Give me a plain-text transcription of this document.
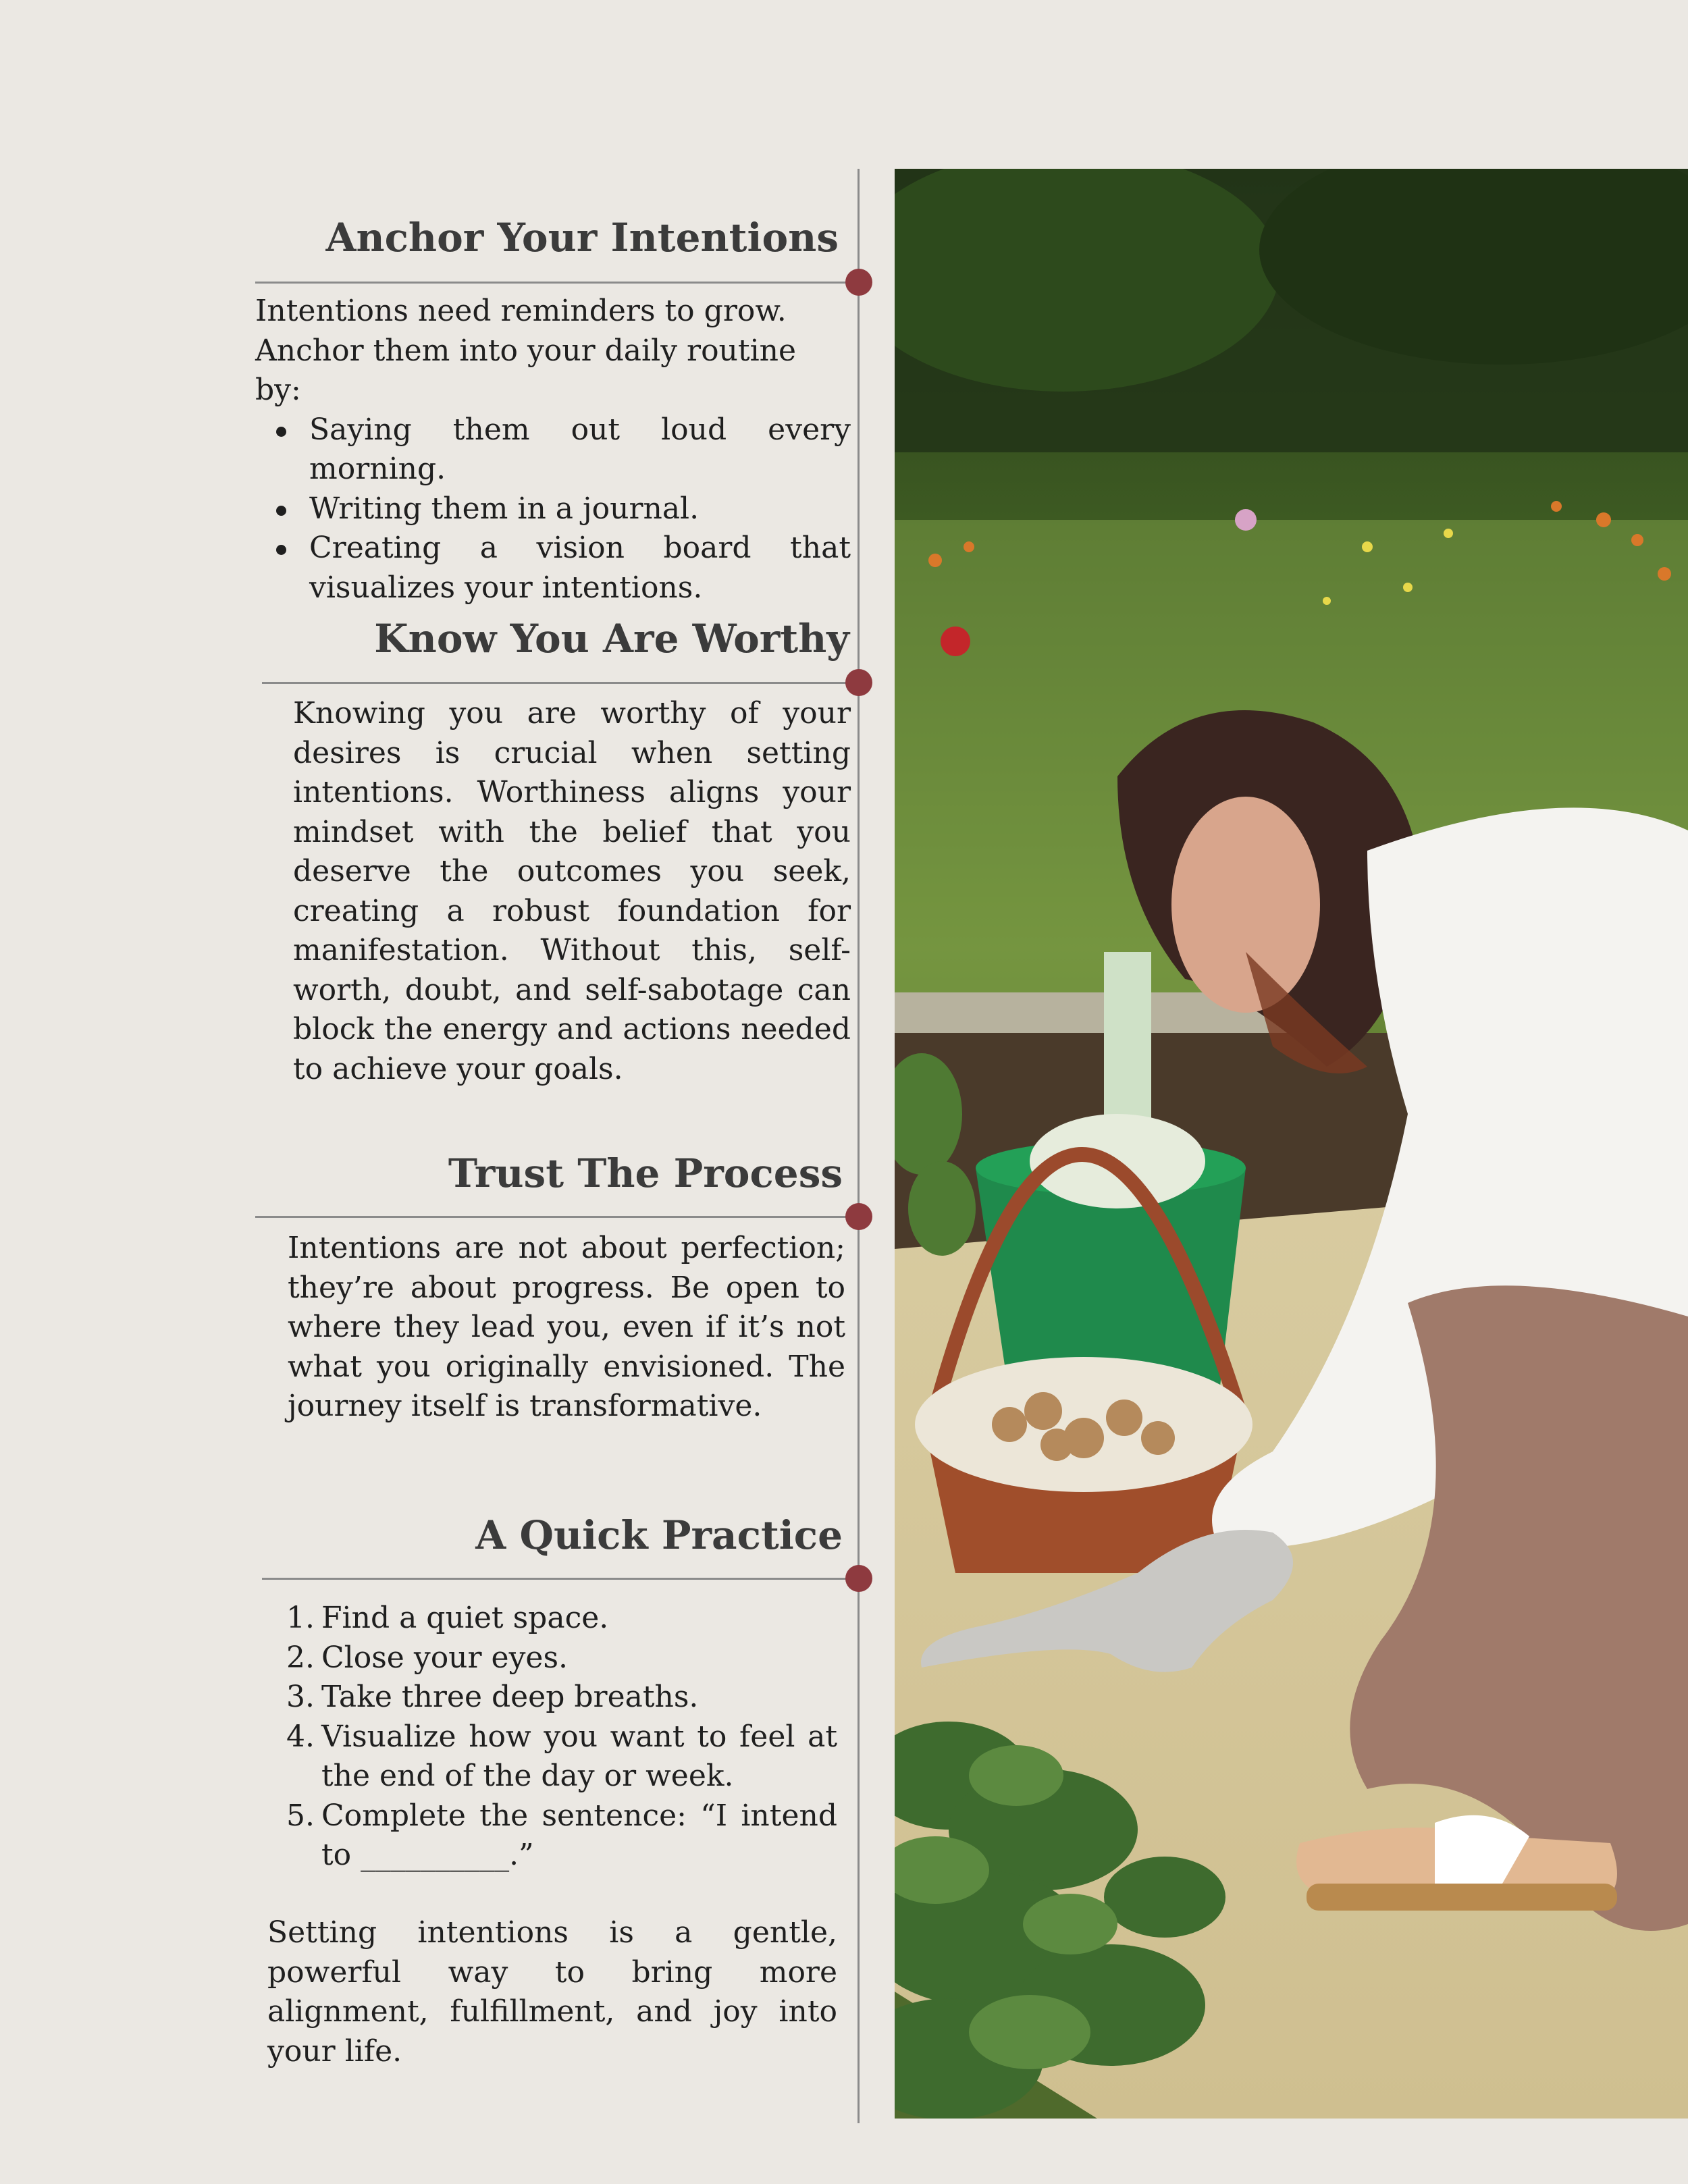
Anchor Your Intentions
Intentions need reminders to grow.
Anchor them into your daily routine by:
Saying them out loud every morning.
Writing them in a journal.
Creating a vision board that visualizes your intentions.
Know You Are Worthy
Knowing you are worthy of your desires is crucial when setting intentions. Worthiness aligns your mindset with the belief that you deserve the outcomes you seek, creating a robust foundation for manifestation. Without this, self-worth, doubt, and self-sabotage can block the energy and actions needed to achieve your goals.
Trust The Process
Intentions are not about perfection; they’re about progress. Be open to where they lead you, even if it’s not what you originally envisioned. The journey itself is transformative.
A Quick Practice
1. Find a quiet space.
2. Close your eyes.
3. Take three deep breaths.
4. Visualize how you want to feel at the end of the day or week.
5. Complete the sentence: “I intend to __________.”
Setting intentions is a gentle, powerful way to bring more alignment, fulfillment, and joy into your life.
